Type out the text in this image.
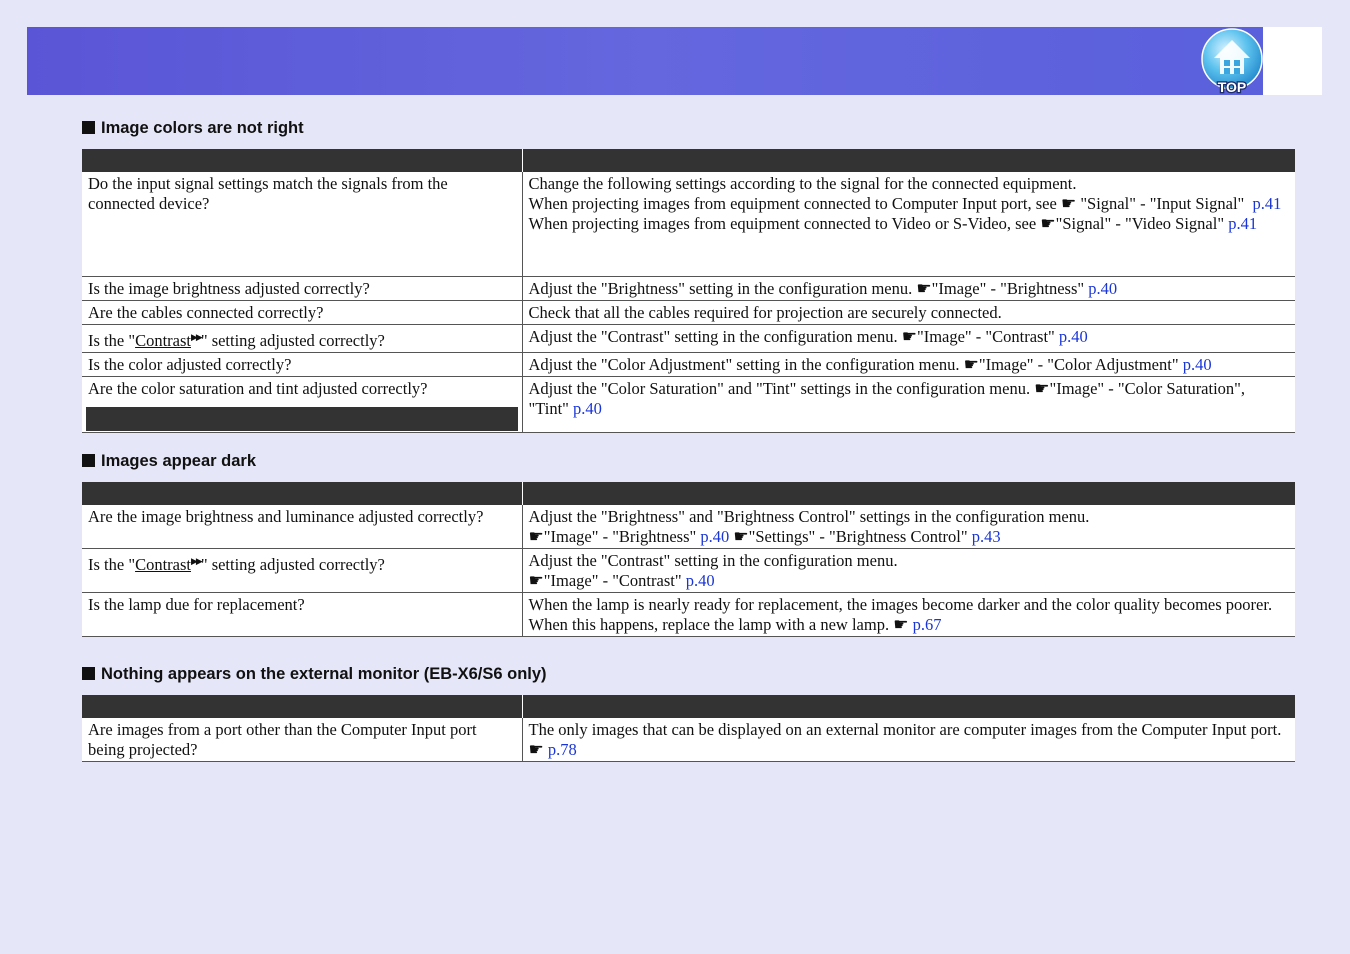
TOP
Image colors are not right

Do the input signal settings match the signals from the connected device?	Change the following settings according to the signal for the connected equipment.
When projecting images from equipment connected to Computer Input port, see ☛ "Signal" - "Input Signal" p.41
When projecting images from equipment connected to Video or S-Video, see ☛"Signal" - "Video Signal" p.41

Is the image brightness adjusted correctly?	Adjust the "Brightness" setting in the configuration menu. ☛"Image" - "Brightness" p.40
Are the cables connected correctly?	Check that all the cables required for projection are securely connected.
Is the "Contrast▶▶" setting adjusted correctly?	Adjust the "Contrast" setting in the configuration menu. ☛"Image" - "Contrast" p.40
Is the color adjusted correctly?	Adjust the "Color Adjustment" setting in the configuration menu. ☛"Image" - "Color Adjustment" p.40
Are the color saturation and tint adjusted correctly?	Adjust the "Color Saturation" and "Tint" settings in the configuration menu. ☛"Image" - "Color Saturation", "Tint" p.40
Images appear dark

Are the image brightness and luminance adjusted correctly?	Adjust the "Brightness" and "Brightness Control" settings in the configuration menu.
☛"Image" - "Brightness" p.40 ☛"Settings" - "Brightness Control" p.43

Is the "Contrast▶▶" setting adjusted correctly?	Adjust the "Contrast" setting in the configuration menu.
☛"Image" - "Contrast" p.40

Is the lamp due for replacement?	When the lamp is nearly ready for replacement, the images become darker and the color quality becomes poorer. When this happens, replace the lamp with a new lamp. ☛ p.67
Nothing appears on the external monitor (EB-X6/S6 only)

Are images from a port other than the Computer Input port being projected?	The only images that can be displayed on an external monitor are computer images from the Computer Input port. ☛ p.78
